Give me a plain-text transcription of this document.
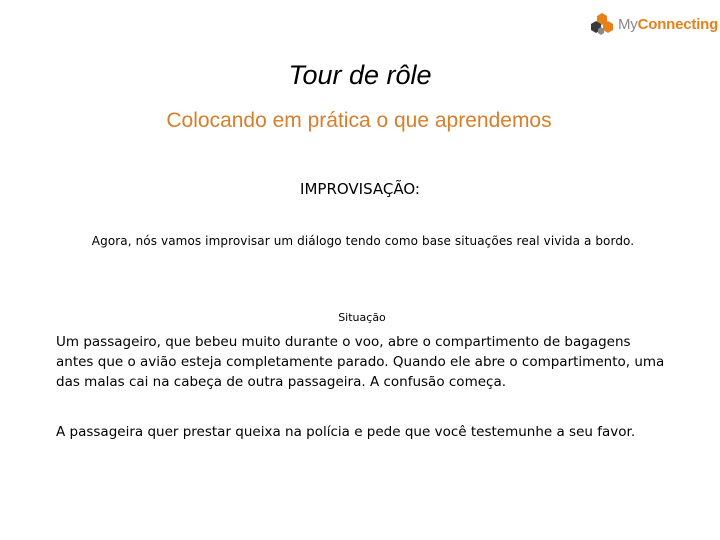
MyConnecting
Tour de rôle
Colocando em prática o que aprendemos
IMPROVISAÇÃO:
Agora, nós vamos improvisar um diálogo tendo como base situações real vivida a bordo.
Situação
Um passageiro, que bebeu muito durante o voo, abre o compartimento de bagagens
antes que o avião esteja completamente parado. Quando ele abre o compartimento, uma
das malas cai na cabeça de outra passageira. A confusão começa.
A passageira quer prestar queixa na polícia e pede que você testemunhe a seu favor.
